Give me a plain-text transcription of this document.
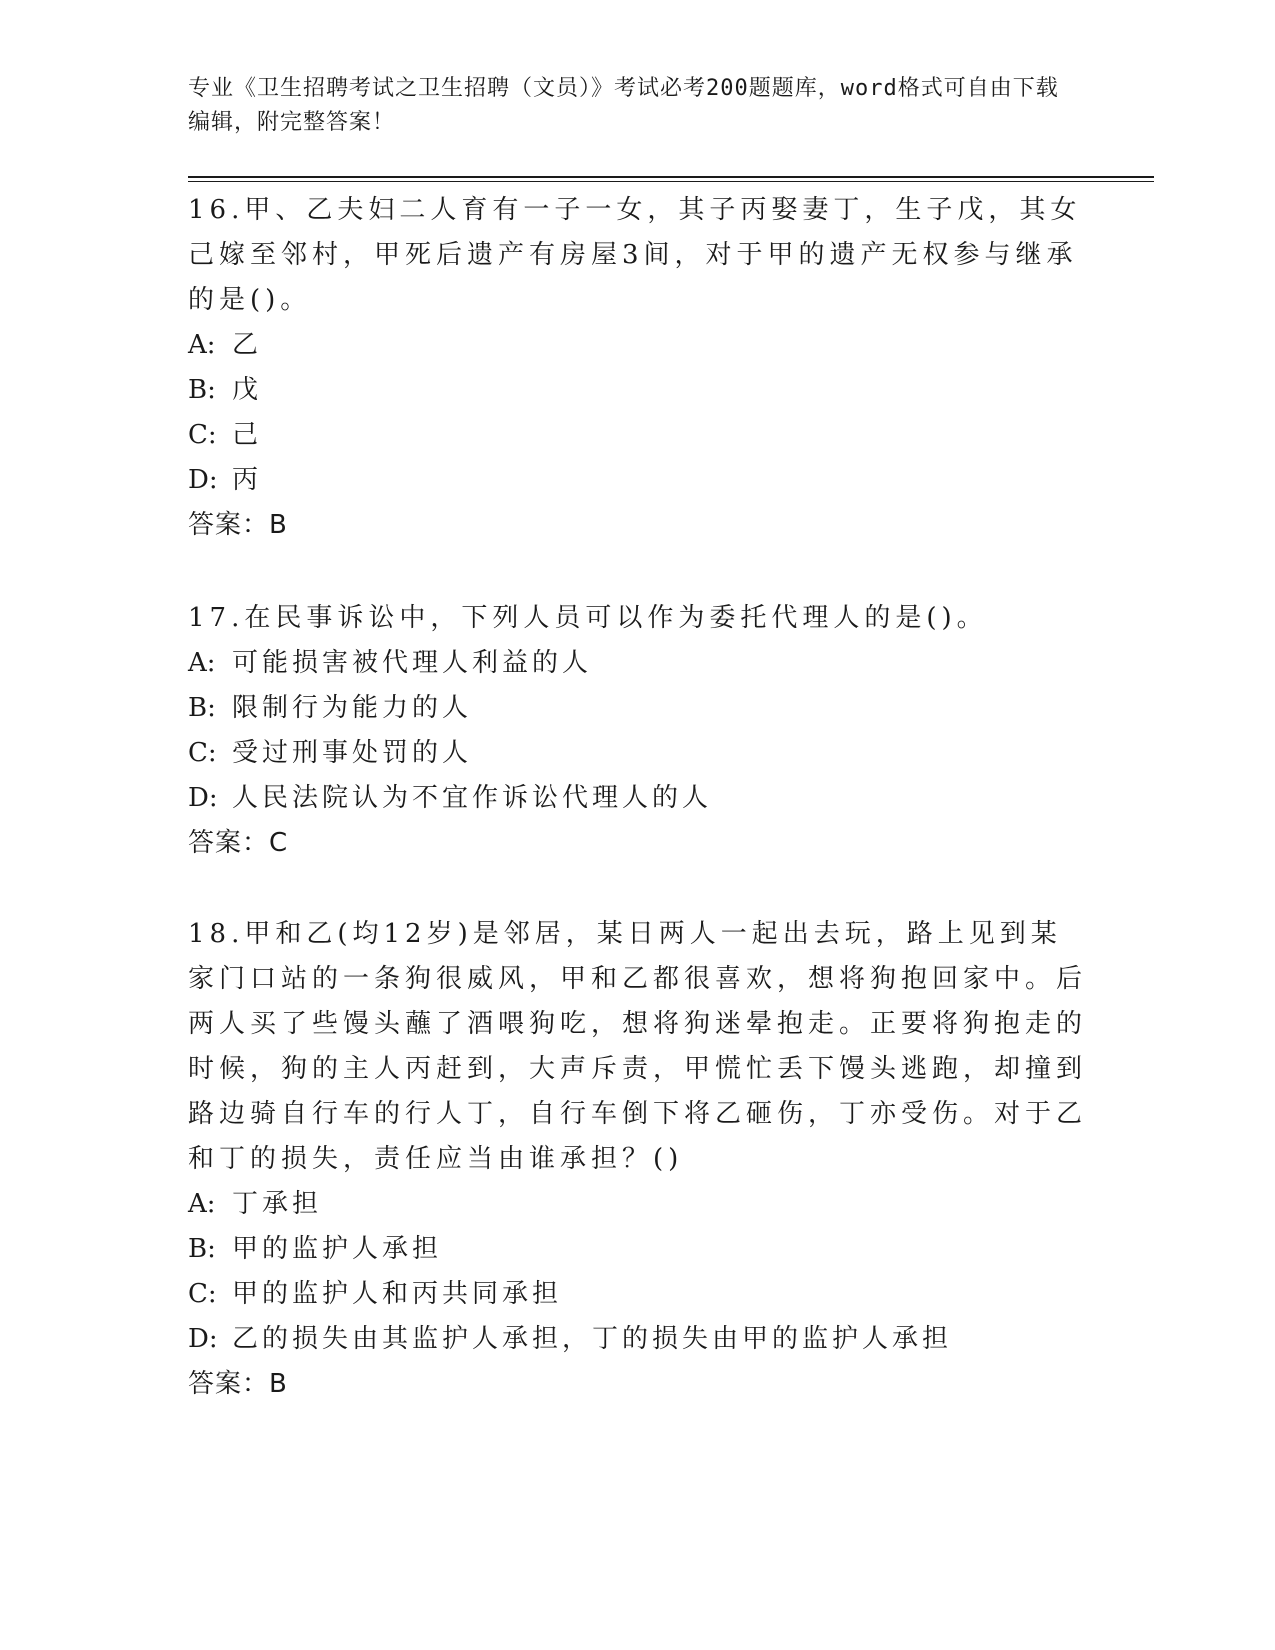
专业《卫生招聘考试之卫生招聘（文员）》考试必考200题题库，word格式可自由下载编辑，附完整答案！

16.甲、乙夫妇二人育有一子一女，其子丙娶妻丁，生子戊，其女己嫁至邻村，甲死后遗产有房屋3间，对于甲的遗产无权参与继承的是()。

A: 乙

B: 戊

C: 己

D: 丙

答案：B

17.在民事诉讼中，下列人员可以作为委托代理人的是()。

A: 可能损害被代理人利益的人

B: 限制行为能力的人

C: 受过刑事处罚的人

D: 人民法院认为不宜作诉讼代理人的人

答案：C

18.甲和乙(均12岁)是邻居，某日两人一起出去玩，路上见到某家门口站的一条狗很威风，甲和乙都很喜欢，想将狗抱回家中。后两人买了些馒头蘸了酒喂狗吃，想将狗迷晕抱走。正要将狗抱走的时候，狗的主人丙赶到，大声斥责，甲慌忙丢下馒头逃跑，却撞到路边骑自行车的行人丁，自行车倒下将乙砸伤，丁亦受伤。对于乙和丁的损失，责任应当由谁承担？()

A: 丁承担

B: 甲的监护人承担

C: 甲的监护人和丙共同承担

D: 乙的损失由其监护人承担，丁的损失由甲的监护人承担

答案：B
